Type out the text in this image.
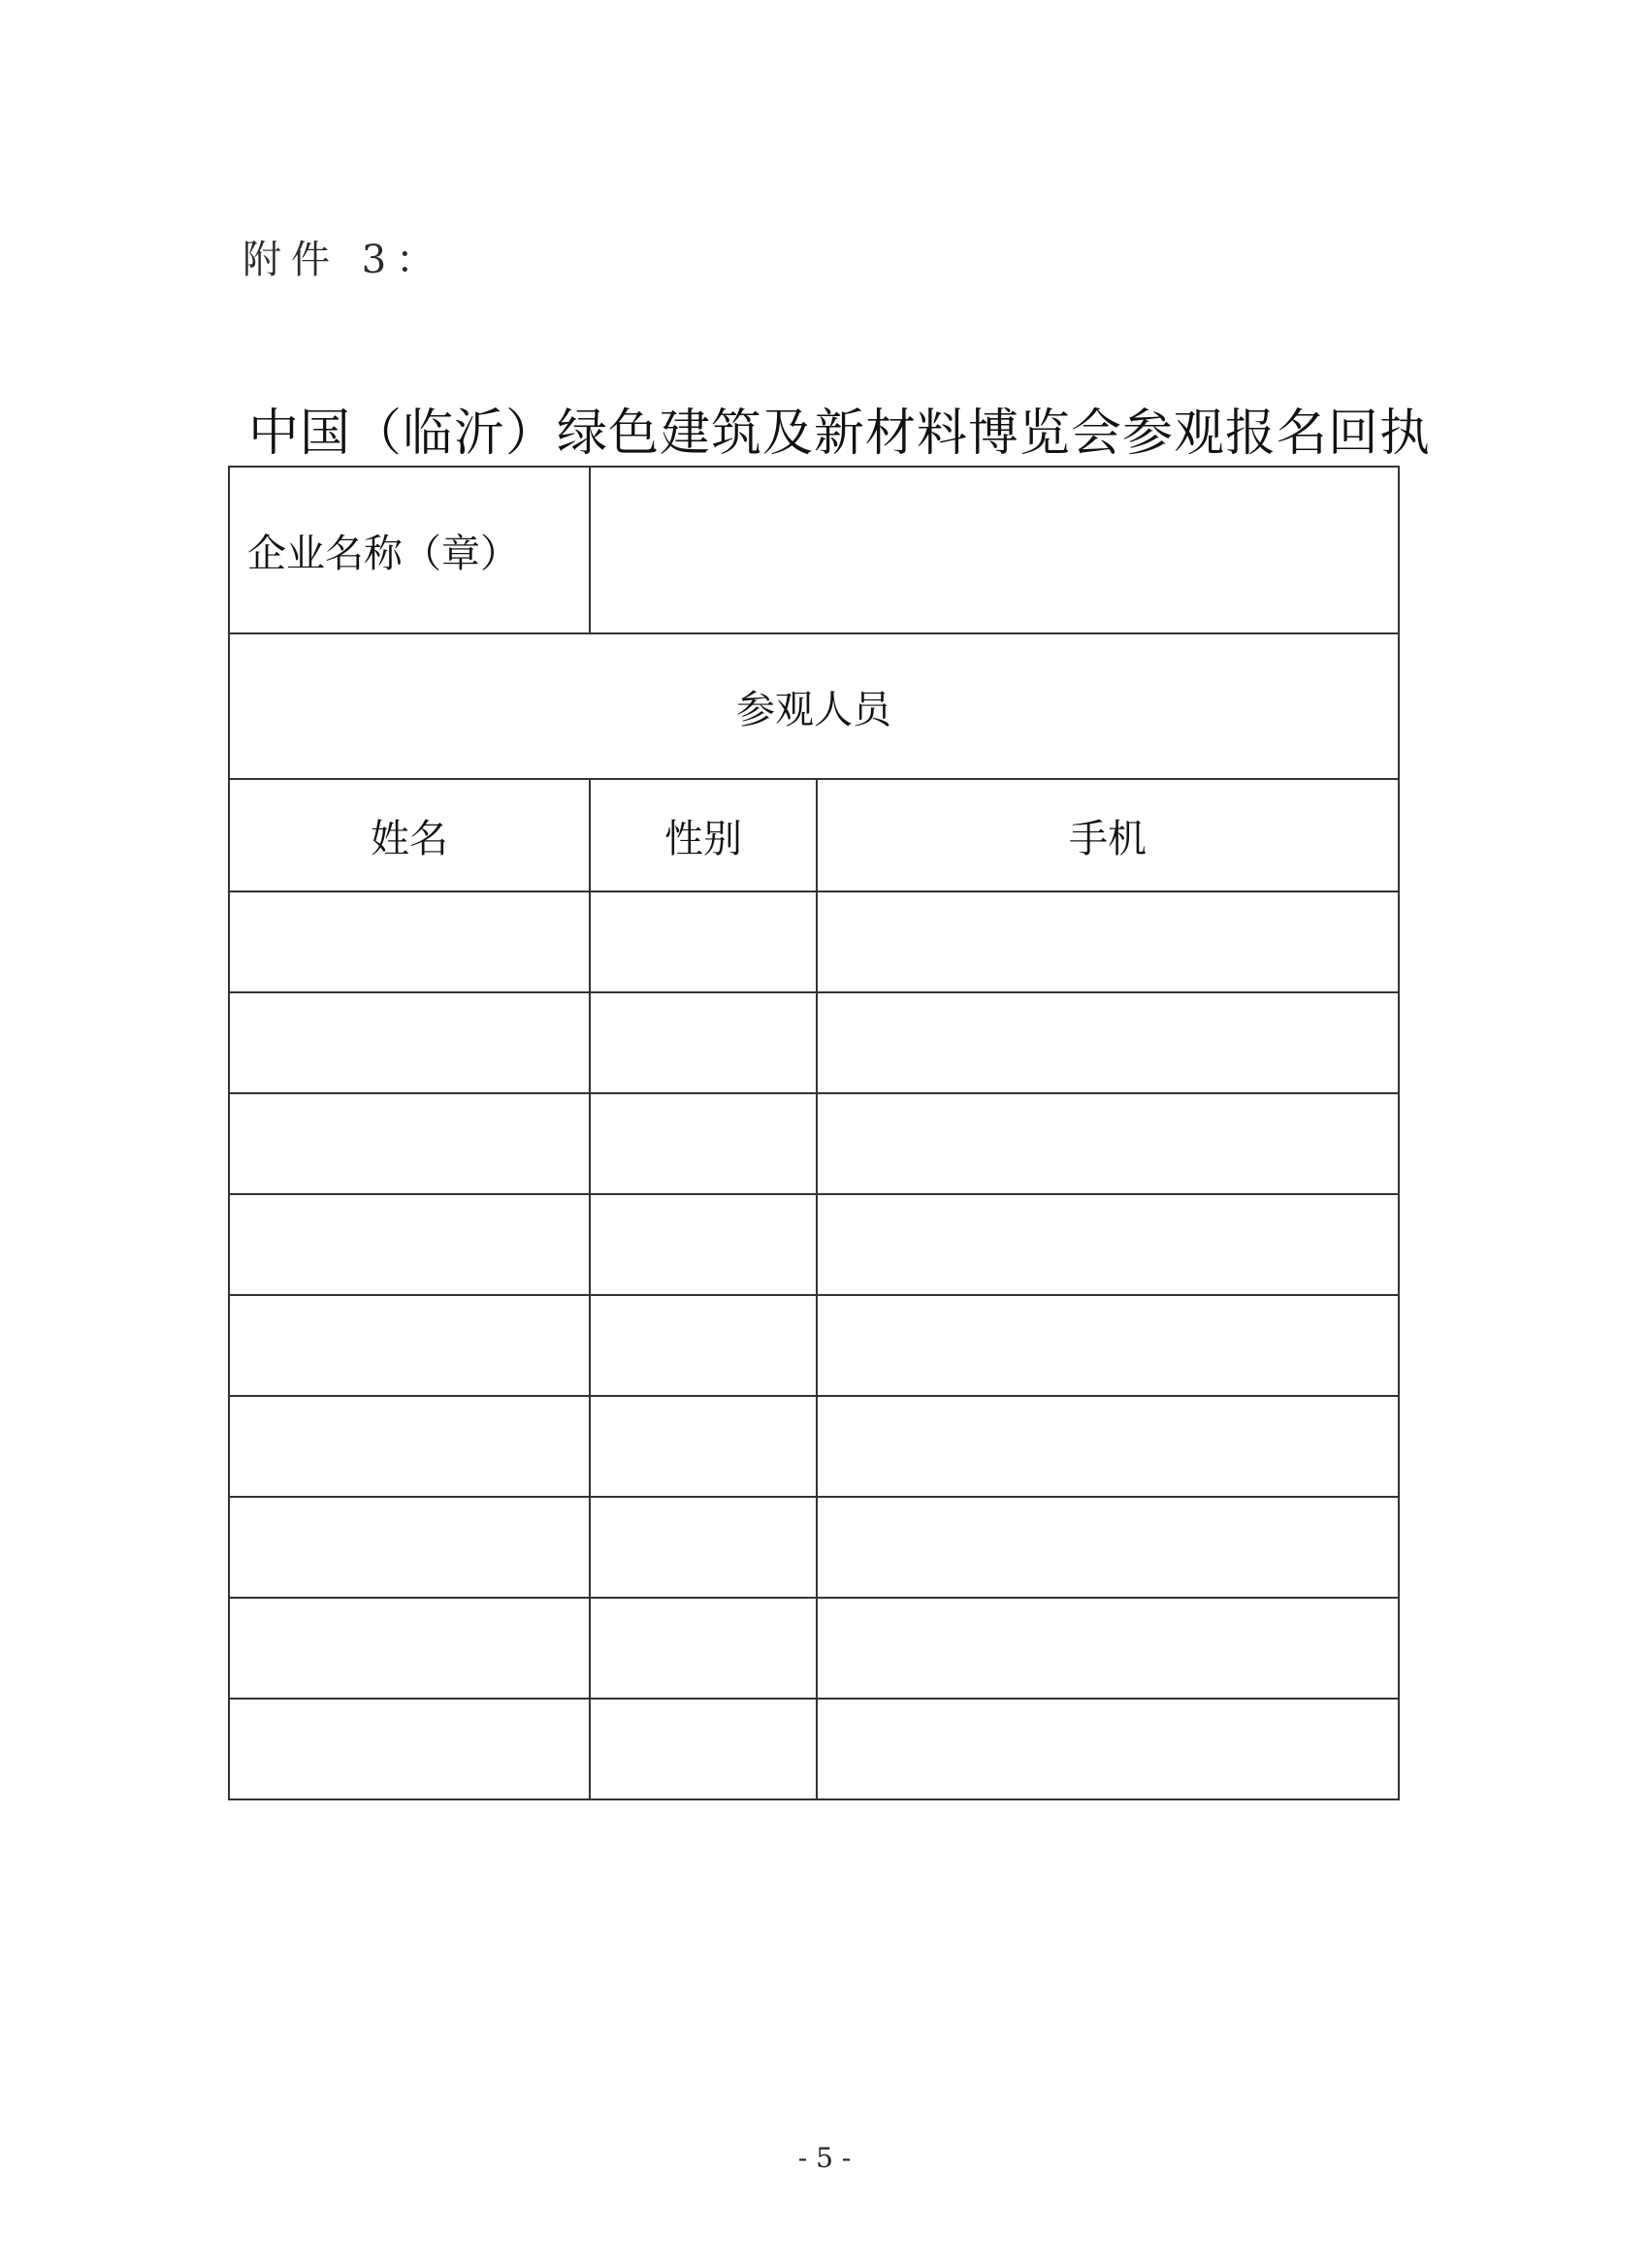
附件 3：
中国（临沂）绿色建筑及新材料博览会参观报名回执
企业名称（章）		
参观人员		
姓名	性别	手机

- 5 -
